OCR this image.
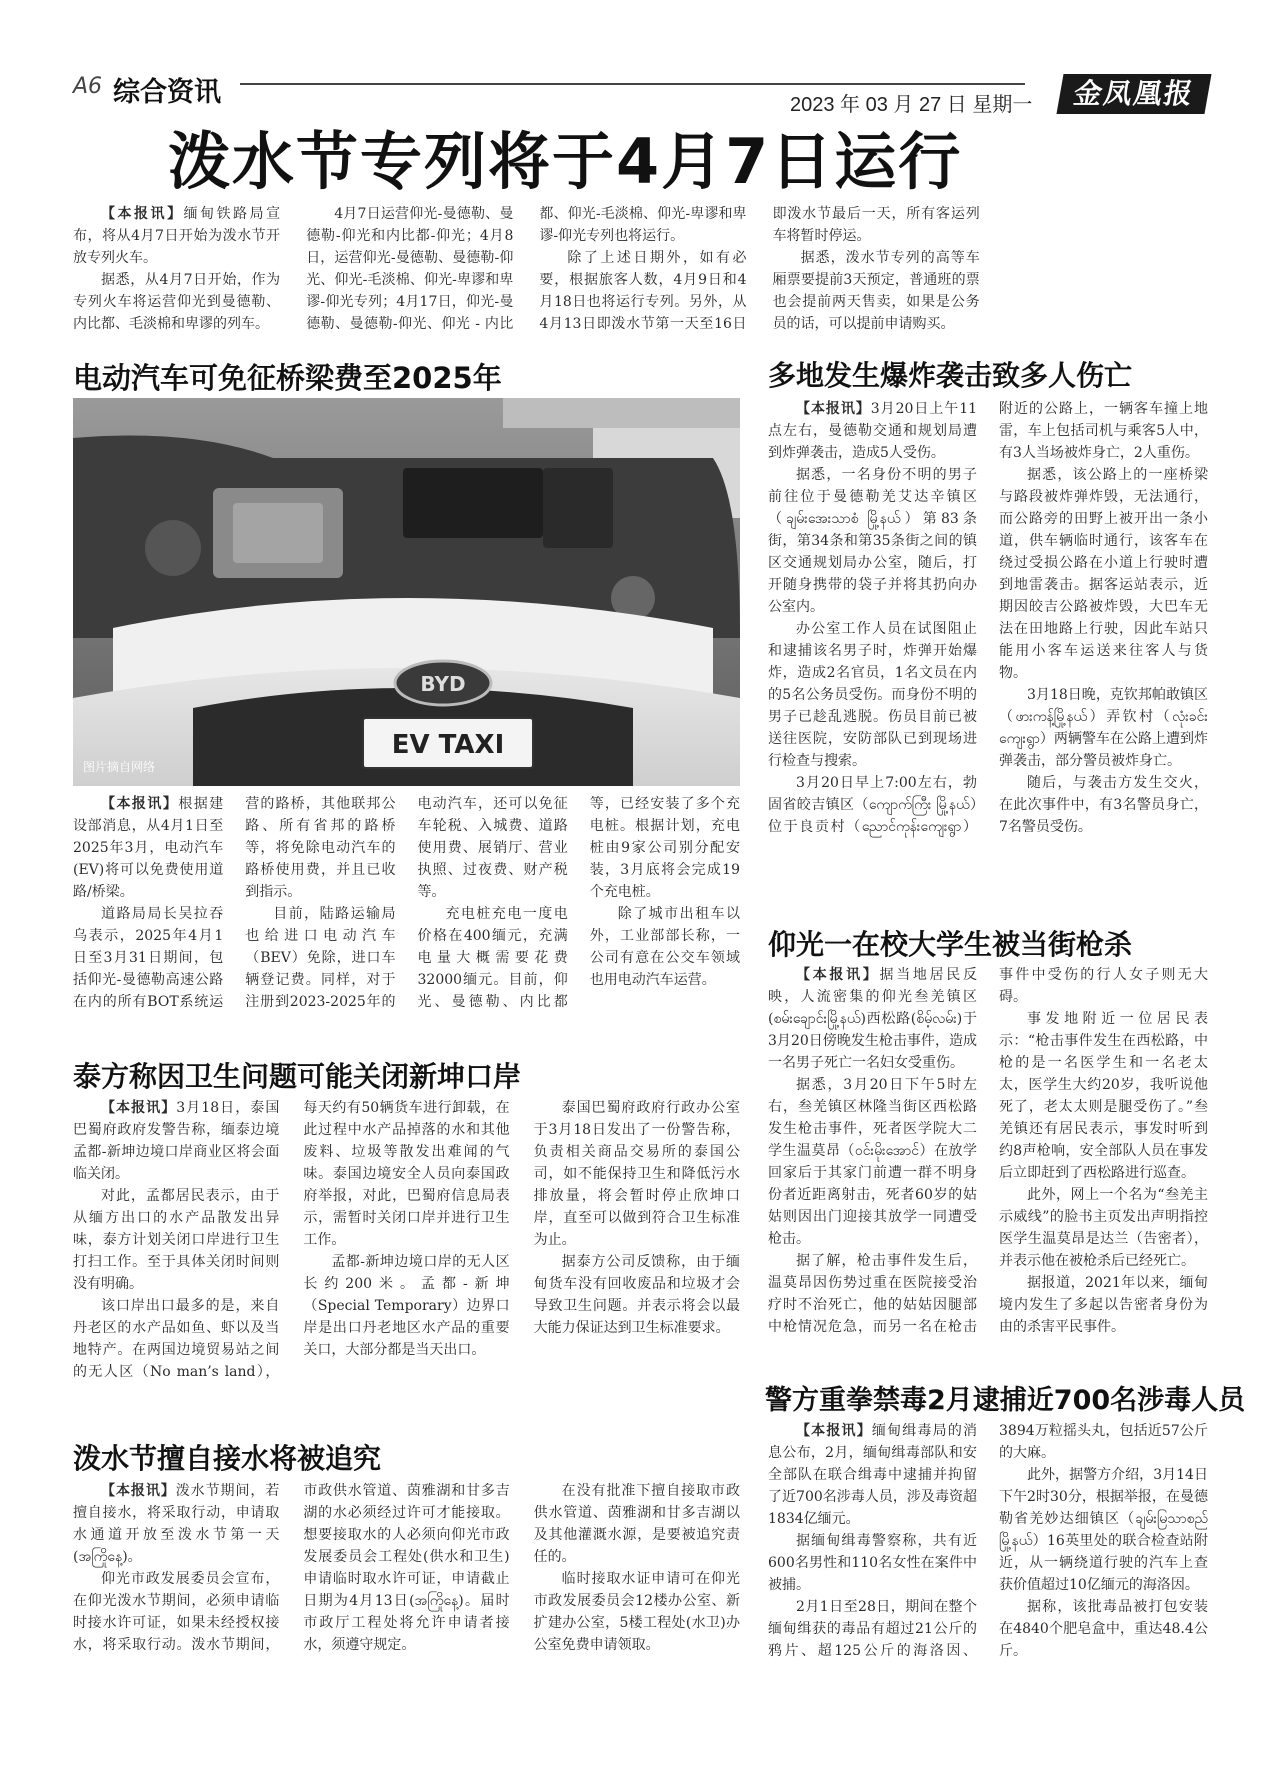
A6 综合资讯	2023 年 03 月 27 日 星期一	金凤凰报
泼水节专列将于4月7日运行

【本报讯】缅甸铁路局宣布，将从4月7日开始为泼水节开放专列火车。

据悉，从4月7日开始，作为专列火车将运营仰光到曼德勒、内比都、毛淡棉和卑谬的列车。

4月7日运营仰光-曼德勒、曼德勒-仰光和内比都-仰光；4月8日，运营仰光-曼德勒、曼德勒-仰光、仰光-毛淡棉、仰光-卑谬和卑谬-仰光专列；4月17日，仰光-曼德勒、曼德勒-仰光、仰光 - 内比都、仰光-毛淡棉、仰光-卑谬和卑谬-仰光专列也将运行。

除了上述日期外，如有必要，根据旅客人数，4月9日和4月18日也将运行专列。另外，从4月13日即泼水节第一天至16日即泼水节最后一天，所有客运列车将暂时停运。

据悉，泼水节专列的高等车厢票要提前3天预定，普通班的票也会提前两天售卖，如果是公务员的话，可以提前申请购买。

电动汽车可免征桥梁费至2025年
BYD
EV TAXI
图片摘自网络

【本报讯】根据建设部消息，从4月1日至2025年3月，电动汽车(EV)将可以免费使用道路/桥梁。

道路局局长吴拉吞乌表示，2025年4月1日至3月31日期间，包括仰光-曼德勒高速公路在内的所有BOT系统运营的路桥，其他联邦公路、所有省邦的路桥等，将免除电动汽车的路桥使用费，并且已收到指示。

目前，陆路运输局也给进口电动汽车（BEV）免除，进口车辆登记费。同样，对于注册到2023-2025年的电动汽车，还可以免征车轮税、入城费、道路使用费、展销厅、营业执照、过夜费、财产税等。

充电桩充电一度电价格在400缅元，充满电量大概需要花费32000缅元。目前，仰光、曼德勒、内比都等，已经安装了多个充电桩。根据计划，充电桩由9家公司别分配安装，3月底将会完成19个充电桩。

除了城市出租车以外，工业部部长称，一公司有意在公交车领域也用电动汽车运营。

多地发生爆炸袭击致多人伤亡

【本报讯】3月20日上午11点左右，曼德勒交通和规划局遭到炸弹袭击，造成5人受伤。

据悉，一名身份不明的男子前往位于曼德勒羌艾达辛镇区（ချမ်းအေးသာစံ မြို့နယ်）第83条街，第34条和第35条街之间的镇区交通规划局办公室，随后，打开随身携带的袋子并将其扔向办公室内。

办公室工作人员在试图阻止和逮捕该名男子时，炸弹开始爆炸，造成2名官员，1名文员在内的5名公务员受伤。而身份不明的男子已趁乱逃脱。伤员目前已被送往医院，安防部队已到现场进行检查与搜索。

3月20日早上7:00左右，勃固省皎吉镇区（ကျောက်ကြီး မြို့နယ်）位于良贡村（ညောင်ကုန်းကျေးရွာ）附近的公路上，一辆客车撞上地雷，车上包括司机与乘客5人中，有3人当场被炸身亡，2人重伤。

据悉，该公路上的一座桥梁与路段被炸弹炸毁，无法通行，而公路旁的田野上被开出一条小道，供车辆临时通行，该客车在绕过受损公路在小道上行驶时遭到地雷袭击。据客运站表示，近期因皎吉公路被炸毁，大巴车无法在田地路上行驶，因此车站只能用小客车运送来往客人与货物。

3月18日晚，克钦邦帕敢镇区（ဖားကန့်မြို့နယ်）弄钦村（လုံးခင်းကျေးရွာ）两辆警车在公路上遭到炸弹袭击，部分警员被炸身亡。

随后，与袭击方发生交火，在此次事件中，有3名警员身亡，7名警员受伤。

仰光一在校大学生被当街枪杀

【本报讯】据当地居民反映，人流密集的仰光叁羌镇区(စမ်းချောင်းမြို့နယ်)西松路(စိမ့်လမ်း)于3月20日傍晚发生枪击事件，造成一名男子死亡一名妇女受重伤。

据悉，3月20日下午5时左右，叁羌镇区林隆当街区西松路发生枪击事件，死者医学院大二学生温莫昂（ဝင်းမိုးအောင်）在放学回家后于其家门前遭一群不明身份者近距离射击，死者60岁的姑姑则因出门迎接其放学一同遭受枪击。

据了解，枪击事件发生后，温莫昂因伤势过重在医院接受治疗时不治死亡，他的姑姑因腿部中枪情况危急，而另一名在枪击事件中受伤的行人女子则无大碍。

事发地附近一位居民表示：“枪击事件发生在西松路，中枪的是一名医学生和一名老太太，医学生大约20岁，我听说他死了，老太太则是腿受伤了。”叁羌镇还有居民表示，事发时听到约8声枪响，安全部队人员在事发后立即赶到了西松路进行巡查。

此外，网上一个名为“叁羌主示威线”的脸书主页发出声明指控医学生温莫昂是达兰（告密者），并表示他在被枪杀后已经死亡。

据报道，2021年以来，缅甸境内发生了多起以告密者身份为由的杀害平民事件。

泰方称因卫生问题可能关闭新坤口岸

【本报讯】3月18日，泰国巴蜀府政府发警告称，缅泰边境孟都-新坤边境口岸商业区将会面临关闭。

对此，孟都居民表示，由于从缅方出口的水产品散发出异味，泰方计划关闭口岸进行卫生打扫工作。至于具体关闭时间则没有明确。

该口岸出口最多的是，来自丹老区的水产品如鱼、虾以及当地特产。在两国边境贸易站之间的无人区（No man’s land），每天约有50辆货车进行卸载，在此过程中水产品掉落的水和其他废料、垃圾等散发出难闻的气味。泰国边境安全人员向泰国政府举报，对此，巴蜀府信息局表示，需暂时关闭口岸并进行卫生工作。

孟都-新坤边境口岸的无人区长约200米。孟都-新坤（Special Temporary）边界口岸是出口丹老地区水产品的重要关口，大部分都是当天出口。

泰国巴蜀府政府行政办公室于3月18日发出了一份警告称，负责相关商品交易所的泰国公司，如不能保持卫生和降低污水排放量，将会暂时停止欣坤口岸，直至可以做到符合卫生标准为止。

据泰方公司反馈称，由于缅甸货车没有回收废品和垃圾才会导致卫生问题。并表示将会以最大能力保证达到卫生标准要求。

警方重拳禁毒2月逮捕近700名涉毒人员

【本报讯】缅甸缉毒局的消息公布，2月，缅甸缉毒部队和安全部队在联合缉毒中逮捕并拘留了近700名涉毒人员，涉及毒资超1834亿缅元。

据缅甸缉毒警察称，共有近600名男性和110名女性在案件中被捕。

2月1日至28日，期间在整个缅甸缉获的毒品有超过21公斤的鸦片、超125公斤的海洛因、3894万粒摇头丸，包括近57公斤的大麻。

此外，据警方介绍，3月14日下午2时30分，根据举报，在曼德勒省羌妙达细镇区（ချမ်းမြသာစည်မြို့နယ်）16英里处的联合检查站附近，从一辆绕道行驶的汽车上查获价值超过10亿缅元的海洛因。

据称，该批毒品被打包安装在4840个肥皂盒中，重达48.4公斤。

泼水节擅自接水将被追究

【本报讯】泼水节期间，若擅自接水，将采取行动，申请取水通道开放至泼水节第一天(အကြိုနေ့)。

仰光市政发展委员会宣布，在仰光泼水节期间，必须申请临时接水许可证，如果未经授权接水，将采取行动。泼水节期间，市政供水管道、茵雅湖和甘多吉湖的水必须经过许可才能接取。想要接取水的人必须向仰光市政发展委员会工程处(供水和卫生)申请临时取水许可证，申请截止日期为4月13日(အကြိုနေ့)。届时市政厅工程处将允许申请者接水，须遵守规定。

在没有批准下擅自接取市政供水管道、茵雅湖和甘多吉湖以及其他灌溉水源，是要被追究责任的。

临时接取水证申请可在仰光市政发展委员会12楼办公室、新扩建办公室，5楼工程处(水卫)办公室免费申请领取。
